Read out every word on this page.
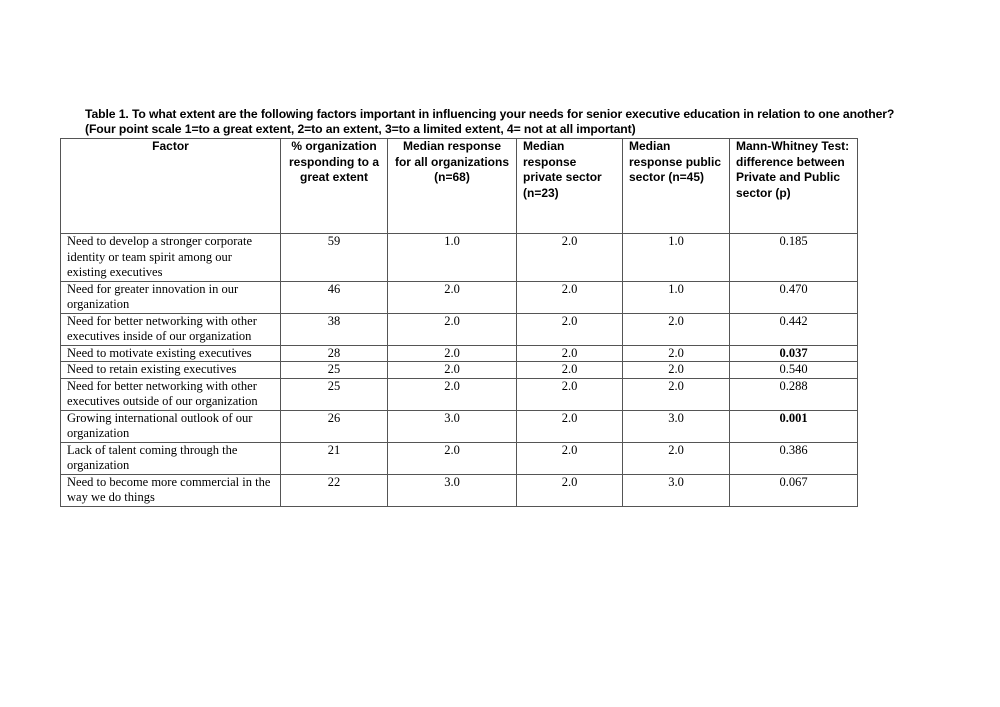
Table 1. To what extent are the following factors important in influencing your needs for senior executive education in relation to one another? (Four point scale 1=to a great extent, 2=to an extent, 3=to a limited extent, 4= not at all important)
Factor	% organization responding to a great extent	Median response for all organizations (n=68)	Median response private sector (n=23)	Median response public sector (n=45)	Mann-Whitney Test: difference between Private and Public sector (p)
Need to develop a stronger corporate identity or team spirit among our existing executives	59	1.0	2.0	1.0	0.185
Need for greater innovation in our organization	46	2.0	2.0	1.0	0.470
Need for better networking with other executives inside of our organization	38	2.0	2.0	2.0	0.442
Need to motivate existing executives	28	2.0	2.0	2.0	0.037
Need to retain existing executives	25	2.0	2.0	2.0	0.540
Need for better networking with other executives outside of our organization	25	2.0	2.0	2.0	0.288
Growing international outlook of our organization	26	3.0	2.0	3.0	0.001
Lack of talent coming through the organization	21	2.0	2.0	2.0	0.386
Need to become more commercial in the way we do things	22	3.0	2.0	3.0	0.067
